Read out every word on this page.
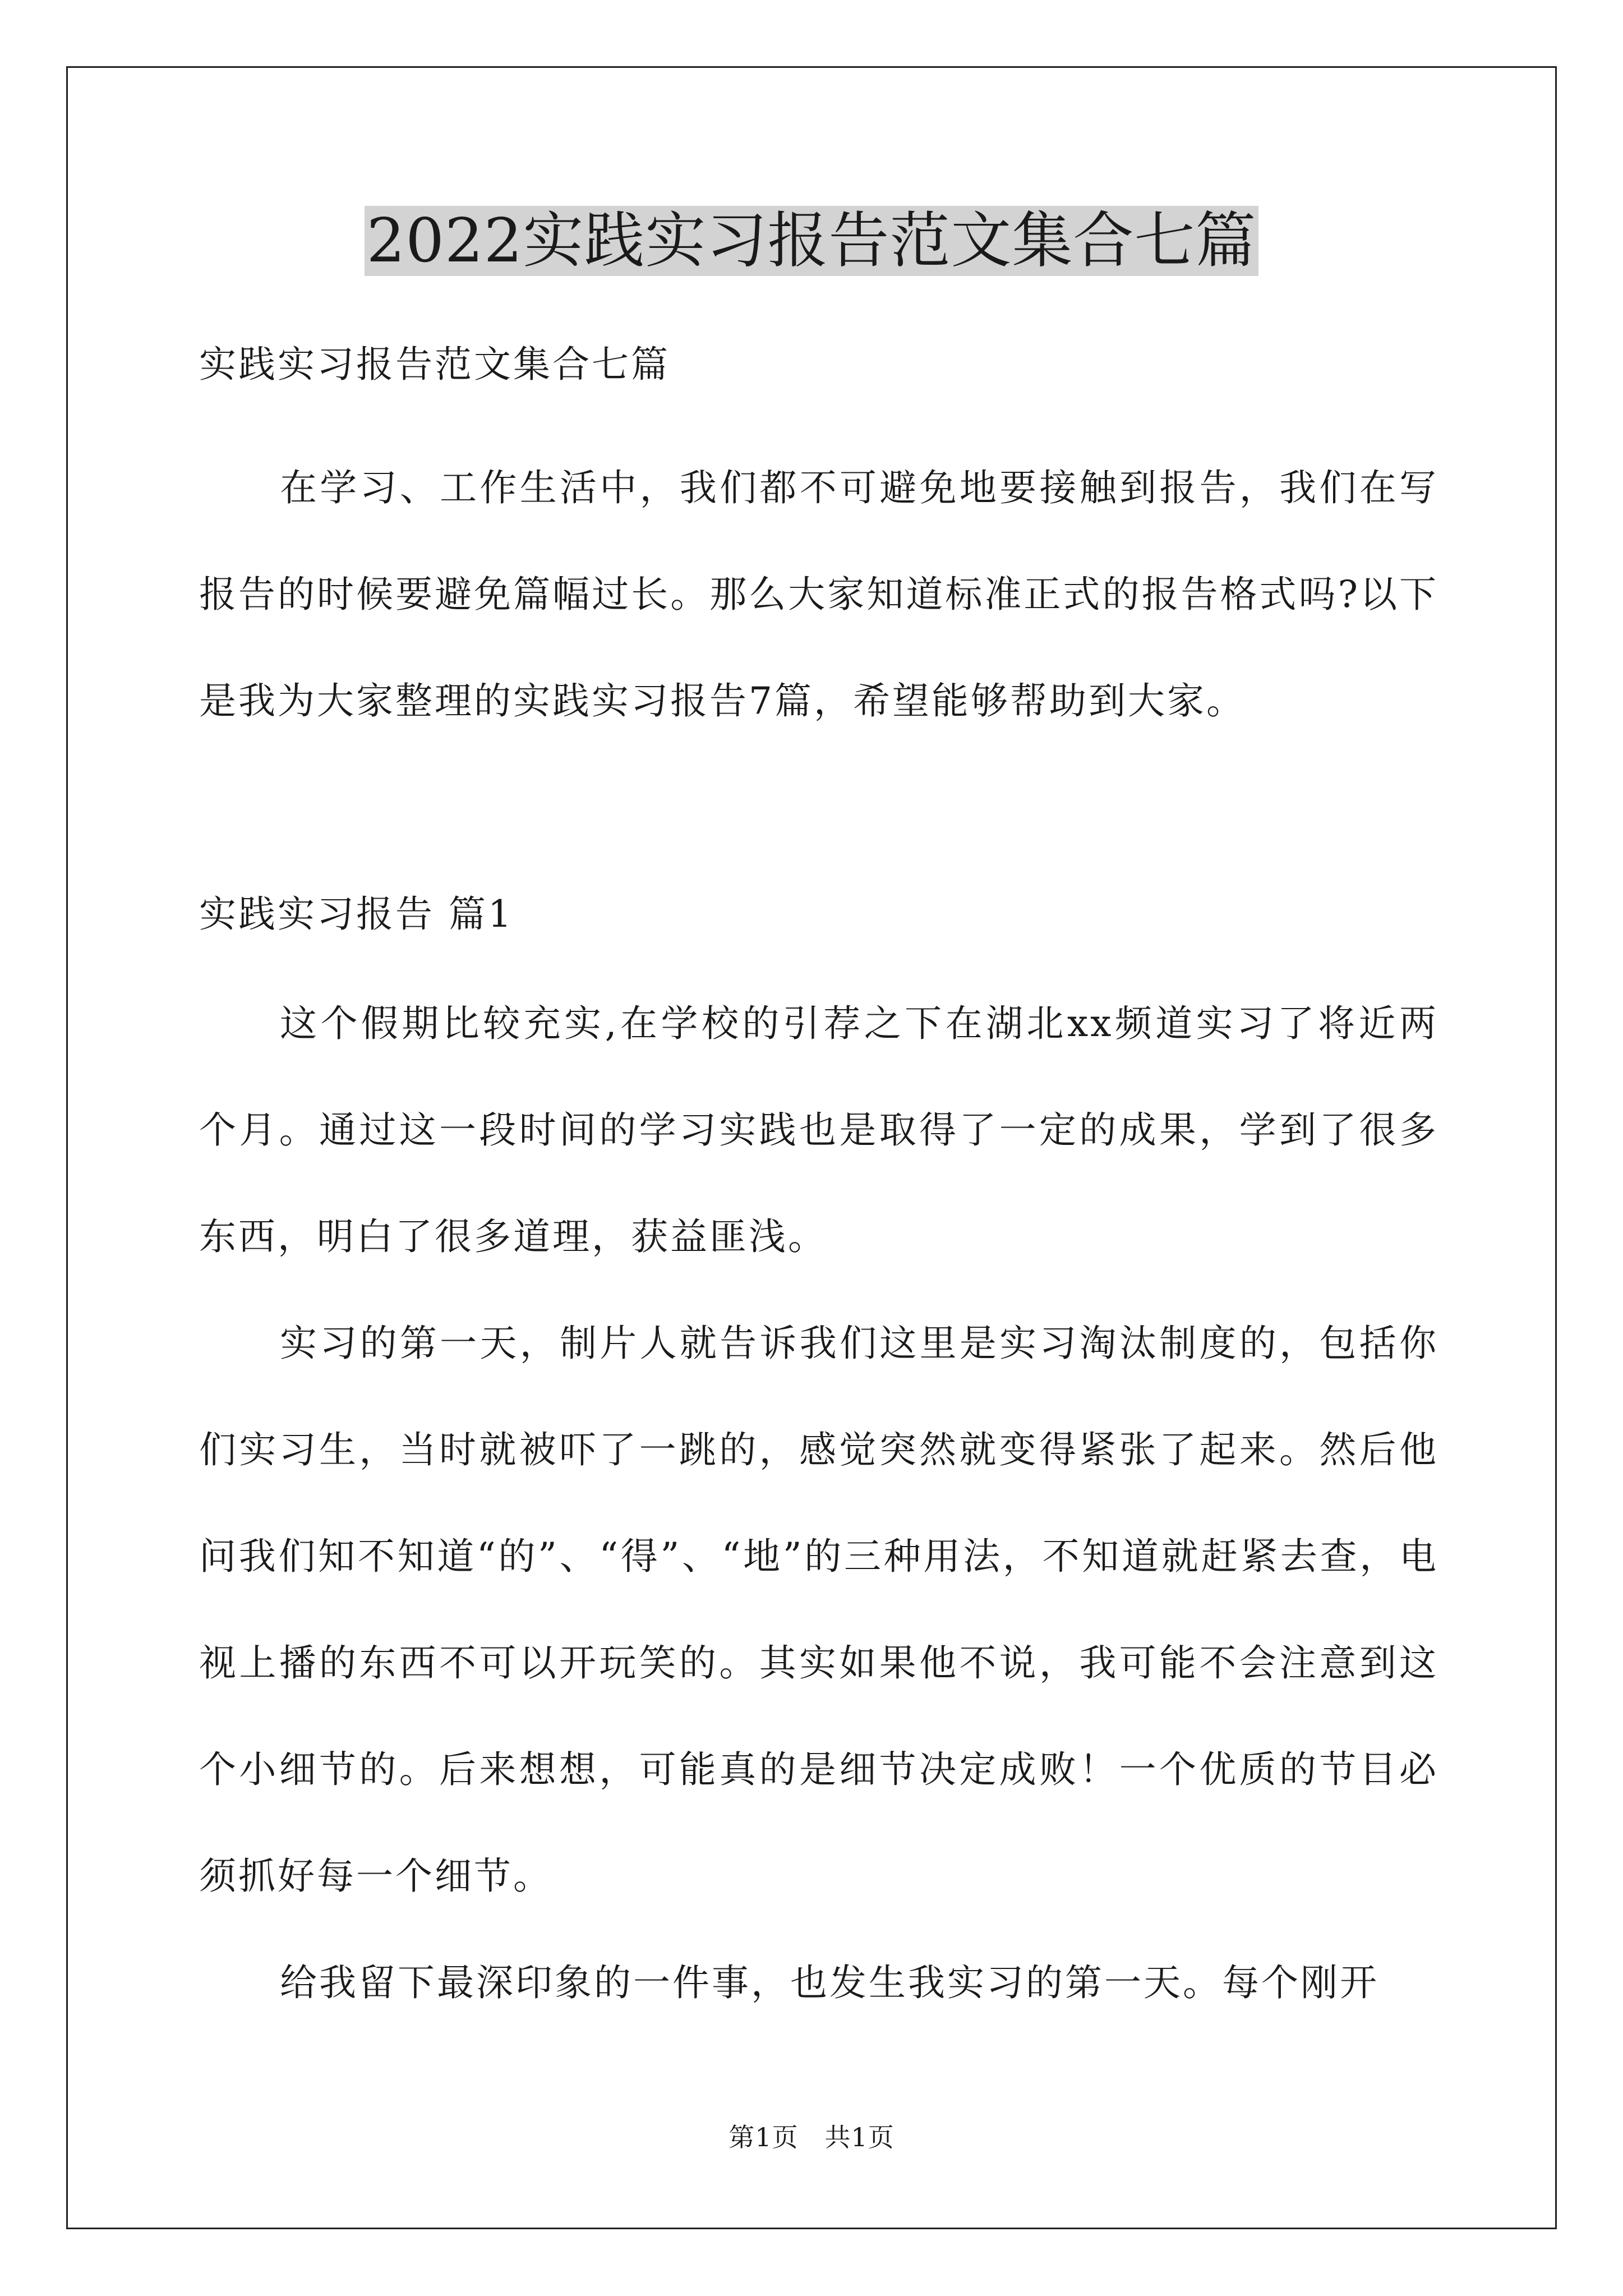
2022实践实习报告范文集合七篇

实践实习报告范文集合七篇

在学习、工作生活中，我们都不可避免地要接触到报告，我们在写报告的时候要避免篇幅过长。那么大家知道标准正式的报告格式吗?以下是我为大家整理的实践实习报告7篇，希望能够帮助到大家。

实践实习报告 篇1

这个假期比较充实,在学校的引荐之下在湖北xx频道实习了将近两个月。通过这一段时间的学习实践也是取得了一定的成果，学到了很多东西，明白了很多道理，获益匪浅。

实习的第一天，制片人就告诉我们这里是实习淘汰制度的，包括你们实习生，当时就被吓了一跳的，感觉突然就变得紧张了起来。然后他问我们知不知道“的”、“得”、“地”的三种用法，不知道就赶紧去查，电视上播的东西不可以开玩笑的。其实如果他不说，我可能不会注意到这个小细节的。后来想想，可能真的是细节决定成败！一个优质的节目必须抓好每一个细节。

给我留下最深印象的一件事，也发生我实习的第一天。每个刚开

第1页   共1页
